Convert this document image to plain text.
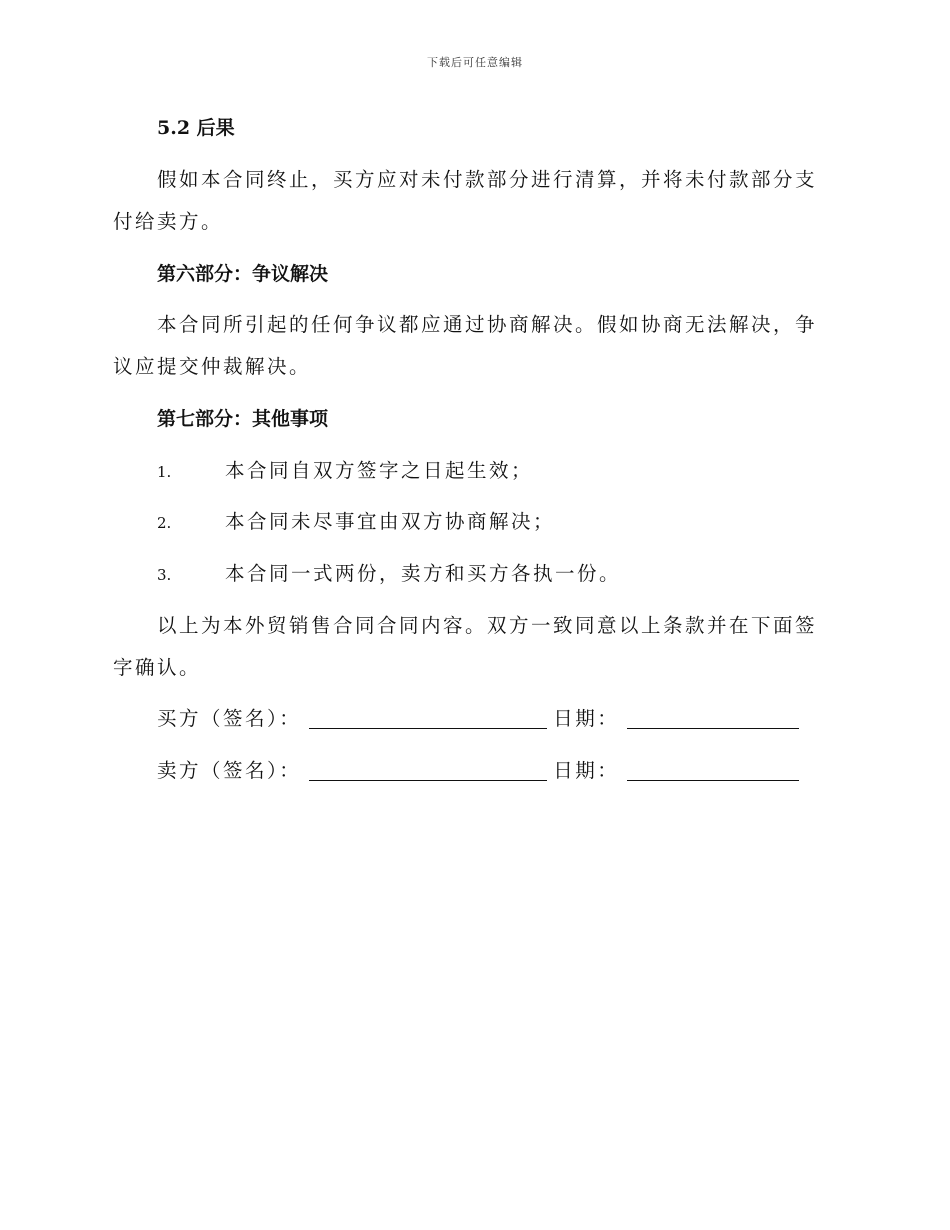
下载后可任意编辑
5.2 后果
假如本合同终止，买方应对未付款部分进行清算，并将未付款部分支付给卖方。
第六部分：争议解决
本合同所引起的任何争议都应通过协商解决。假如协商无法解决，争议应提交仲裁解决。
第七部分：其他事项
1.	本合同自双方签字之日起生效；
2.	本合同未尽事宜由双方协商解决；
3.	本合同一式两份，卖方和买方各执一份。
以上为本外贸销售合同合同内容。双方一致同意以上条款并在下面签字确认。
买方（签名）：	日期：
卖方（签名）：	日期：
